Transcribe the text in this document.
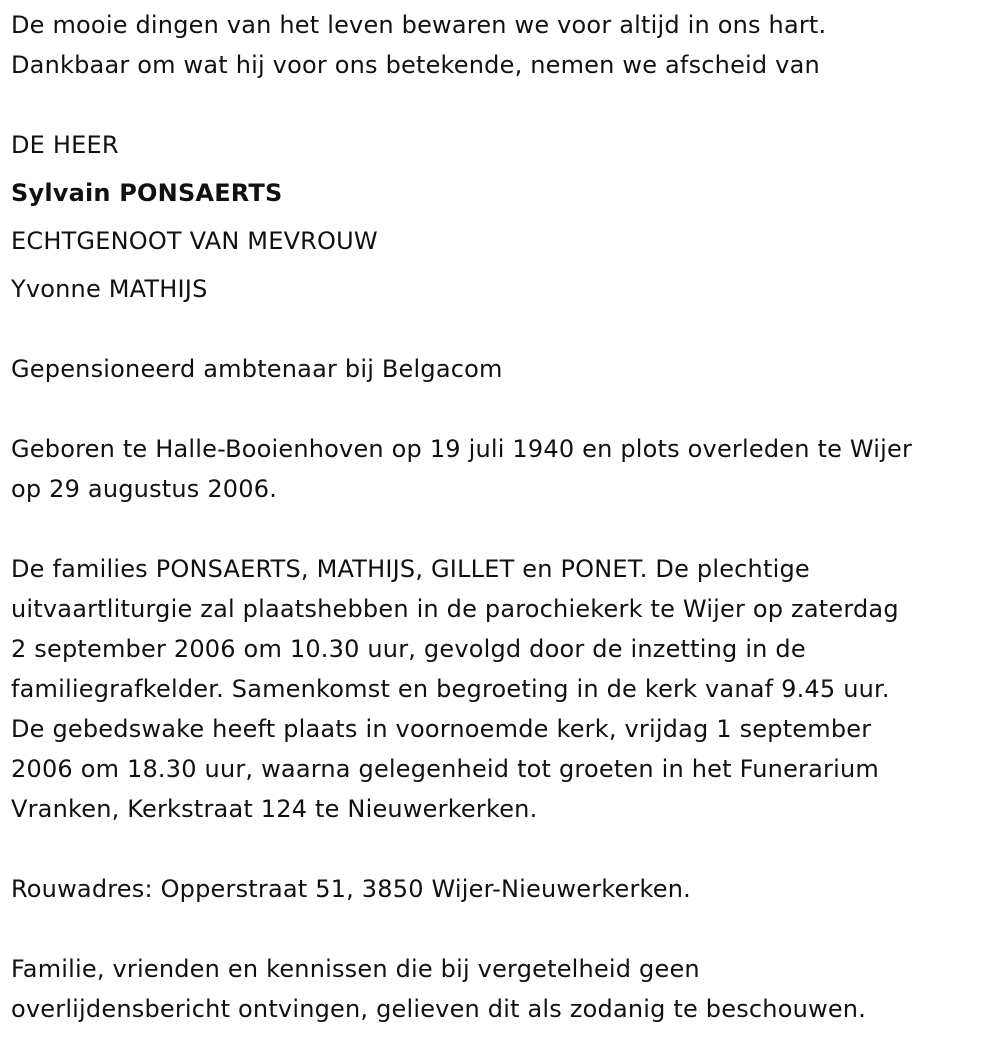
De mooie dingen van het leven bewaren we voor altijd in ons hart.
Dankbaar om wat hij voor ons betekende, nemen we afscheid van
DE HEER
Sylvain PONSAERTS
ECHTGENOOT VAN MEVROUW
Yvonne MATHIJS
Gepensioneerd ambtenaar bij Belgacom
Geboren te Halle-Booienhoven op 19 juli 1940 en plots overleden te Wijer
op 29 augustus 2006.
De families PONSAERTS, MATHIJS, GILLET en PONET. De plechtige
uitvaartliturgie zal plaatshebben in de parochiekerk te Wijer op zaterdag
2 september 2006 om 10.30 uur, gevolgd door de inzetting in de
familiegrafkelder. Samenkomst en begroeting in de kerk vanaf 9.45 uur.
De gebedswake heeft plaats in voornoemde kerk, vrijdag 1 september
2006 om 18.30 uur, waarna gelegenheid tot groeten in het Funerarium
Vranken, Kerkstraat 124 te Nieuwerkerken.
Rouwadres: Opperstraat 51, 3850 Wijer-Nieuwerkerken.
Familie, vrienden en kennissen die bij vergetelheid geen
overlijdensbericht ontvingen, gelieven dit als zodanig te beschouwen.
